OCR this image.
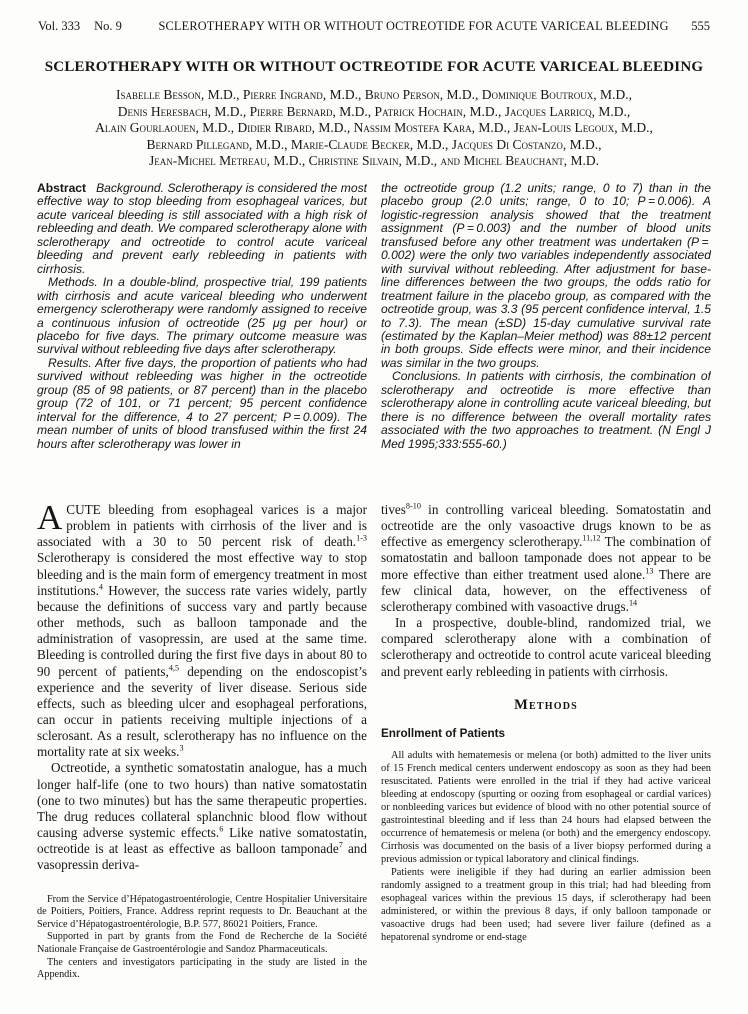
Vol. 333 No. 9	SCLEROTHERAPY WITH OR WITHOUT OCTREOTIDE FOR ACUTE VARICEAL BLEEDING 555
SCLEROTHERAPY WITH OR WITHOUT OCTREOTIDE FOR ACUTE VARICEAL BLEEDING
Isabelle Besson, M.D., Pierre Ingrand, M.D., Bruno Person, M.D., Dominique Boutroux, M.D.,
Denis Heresbach, M.D., Pierre Bernard, M.D., Patrick Hochain, M.D., Jacques Larricq, M.D.,
Alain Gourlaouen, M.D., Didier Ribard, M.D., Nassim Mostefa Kara, M.D., Jean-Louis Legoux, M.D.,
Bernard Pillegand, M.D., Marie-Claude Becker, M.D., Jacques Di Costanzo, M.D.,
Jean-Michel Metreau, M.D., Christine Silvain, M.D., and Michel Beauchant, M.D.

Abstract Background. Sclerotherapy is considered the most effective way to stop bleeding from esophageal varices, but acute variceal bleeding is still associated with a high risk of rebleeding and death. We compared sclerotherapy alone with sclerotherapy and octreotide to control acute variceal bleeding and prevent early rebleeding in patients with cirrhosis.

Methods. In a double-blind, prospective trial, 199 patients with cirrhosis and acute variceal bleeding who underwent emergency sclerotherapy were randomly assigned to receive a continuous infusion of octreotide (25 μg per hour) or placebo for five days. The primary outcome measure was survival without rebleeding five days after sclerotherapy.

Results. After five days, the proportion of patients who had survived without rebleeding was higher in the octreotide group (85 of 98 patients, or 87 percent) than in the placebo group (72 of 101, or 71 percent; 95 percent confidence interval for the difference, 4 to 27 percent; P = 0.009). The mean number of units of blood transfused within the first 24 hours after sclerotherapy was lower in

ACUTE bleeding from esophageal varices is a major problem in patients with cirrhosis of the liver and is associated with a 30 to 50 percent risk of death.$^{1-3}$ Sclerotherapy is considered the most effective way to stop bleeding and is the main form of emergency treatment in most institutions.$^4$ However, the success rate varies widely, partly because the definitions of success vary and partly because other methods, such as balloon tamponade and the administration of vasopressin, are used at the same time. Bleeding is controlled during the first five days in about 80 to 90 percent of patients,$^{4,5}$ depending on the endoscopist’s experience and the severity of liver disease. Serious side effects, such as bleeding ulcer and esophageal perforations, can occur in patients receiving multiple injections of a sclerosant. As a result, sclerotherapy has no influence on the mortality rate at six weeks.$^3$

Octreotide, a synthetic somatostatin analogue, has a much longer half-life (one to two hours) than native somatostatin (one to two minutes) but has the same therapeutic properties. The drug reduces collateral splanchnic blood flow without causing adverse systemic effects.$^6$ Like native somatostatin, octreotide is at least as effective as balloon tamponade$^7$ and vasopressin deriva-

From the Service d’Hépatogastroentérologie, Centre Hospitalier Universitaire de Poitiers, Poitiers, France. Address reprint requests to Dr. Beauchant at the Service d’Hépatogastroentérologie, B.P. 577, 86021 Poitiers, France.

Supported in part by grants from the Fond de Recherche de la Société Nationale Française de Gastroentérologie and Sandoz Pharmaceuticals.

The centers and investigators participating in the study are listed in the Appendix.

the octreotide group (1.2 units; range, 0 to 7) than in the placebo group (2.0 units; range, 0 to 10; P = 0.006). A logistic-regression analysis showed that the treatment assignment (P = 0.003) and the number of blood units transfused before any other treatment was undertaken (P = 0.002) were the only two variables independently associated with survival without rebleeding. After adjustment for base-line differences between the two groups, the odds ratio for treatment failure in the placebo group, as compared with the octreotide group, was 3.3 (95 percent confidence interval, 1.5 to 7.3). The mean (±SD) 15-day cumulative survival rate (estimated by the Kaplan–Meier method) was 88±12 percent in both groups. Side effects were minor, and their incidence was similar in the two groups.

Conclusions. In patients with cirrhosis, the combination of sclerotherapy and octreotide is more effective than sclerotherapy alone in controlling acute variceal bleeding, but there is no difference between the overall mortality rates associated with the two approaches to treatment. (N Engl J Med 1995;333:555-60.)

tives$^{8-10}$ in controlling variceal bleeding. Somatostatin and octreotide are the only vasoactive drugs known to be as effective as emergency sclerotherapy.$^{11,12}$ The combination of somatostatin and balloon tamponade does not appear to be more effective than either treatment used alone.$^{13}$ There are few clinical data, however, on the effectiveness of sclerotherapy combined with vasoactive drugs.$^{14}$

In a prospective, double-blind, randomized trial, we compared sclerotherapy alone with a combination of sclerotherapy and octreotide to control acute variceal bleeding and prevent early rebleeding in patients with cirrhosis.

Methods
Enrollment of Patients

All adults with hematemesis or melena (or both) admitted to the liver units of 15 French medical centers underwent endoscopy as soon as they had been resuscitated. Patients were enrolled in the trial if they had active variceal bleeding at endoscopy (spurting or oozing from esophageal or cardial varices) or nonbleeding varices but evidence of blood with no other potential source of gastrointestinal bleeding and if less than 24 hours had elapsed between the occurrence of hematemesis or melena (or both) and the emergency endoscopy. Cirrhosis was documented on the basis of a liver biopsy performed during a previous admission or typical laboratory and clinical findings.

Patients were ineligible if they had during an earlier admission been randomly assigned to a treatment group in this trial; had had bleeding from esophageal varices within the previous 15 days, if sclerotherapy had been administered, or within the previous 8 days, if only balloon tamponade or vasoactive drugs had been used; had severe liver failure (defined as a hepatorenal syndrome or end-stage
